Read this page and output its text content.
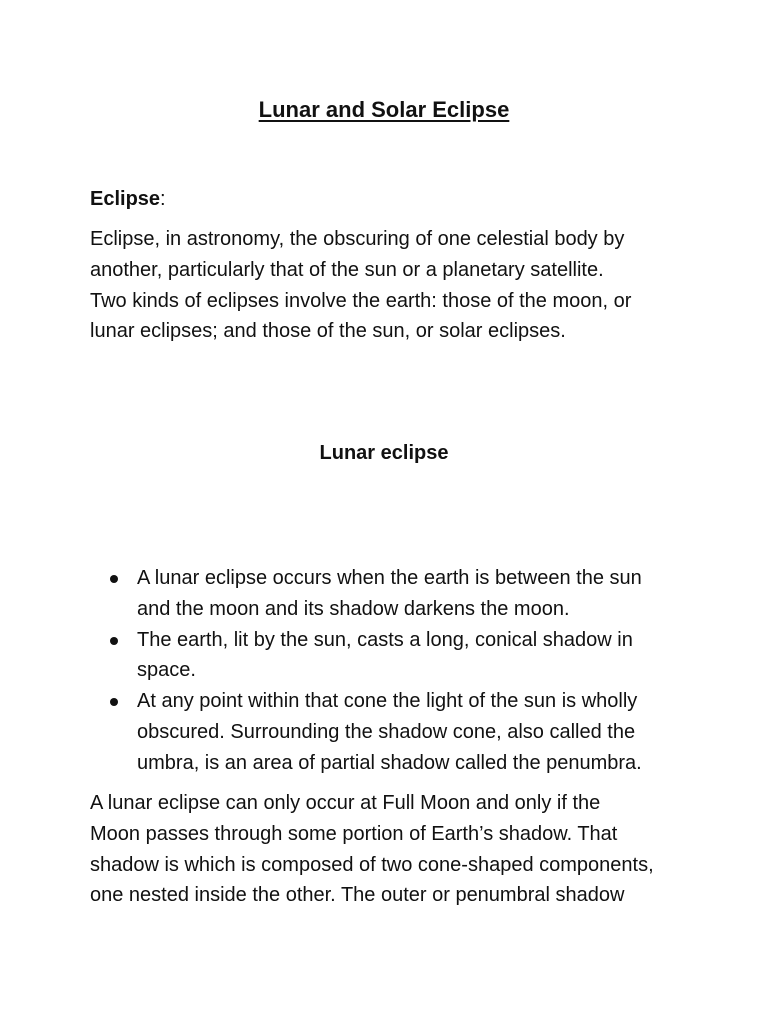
Lunar and Solar Eclipse
Eclipse:

Eclipse, in astronomy, the obscuring of one celestial body by
another, particularly that of the sun or a planetary satellite.
Two kinds of eclipses involve the earth: those of the moon, or
lunar eclipses; and those of the sun, or solar eclipses.

Lunar eclipse
A lunar eclipse occurs when the earth is between the sun
and the moon and its shadow darkens the moon.
The earth, lit by the sun, casts a long, conical shadow in
space.
At any point within that cone the light of the sun is wholly
obscured. Surrounding the shadow cone, also called the
umbra, is an area of partial shadow called the penumbra.

A lunar eclipse can only occur at Full Moon and only if the
Moon passes through some portion of Earth’s shadow. That
shadow is which is composed of two cone-shaped components,
one nested inside the other. The outer or penumbral shadow
